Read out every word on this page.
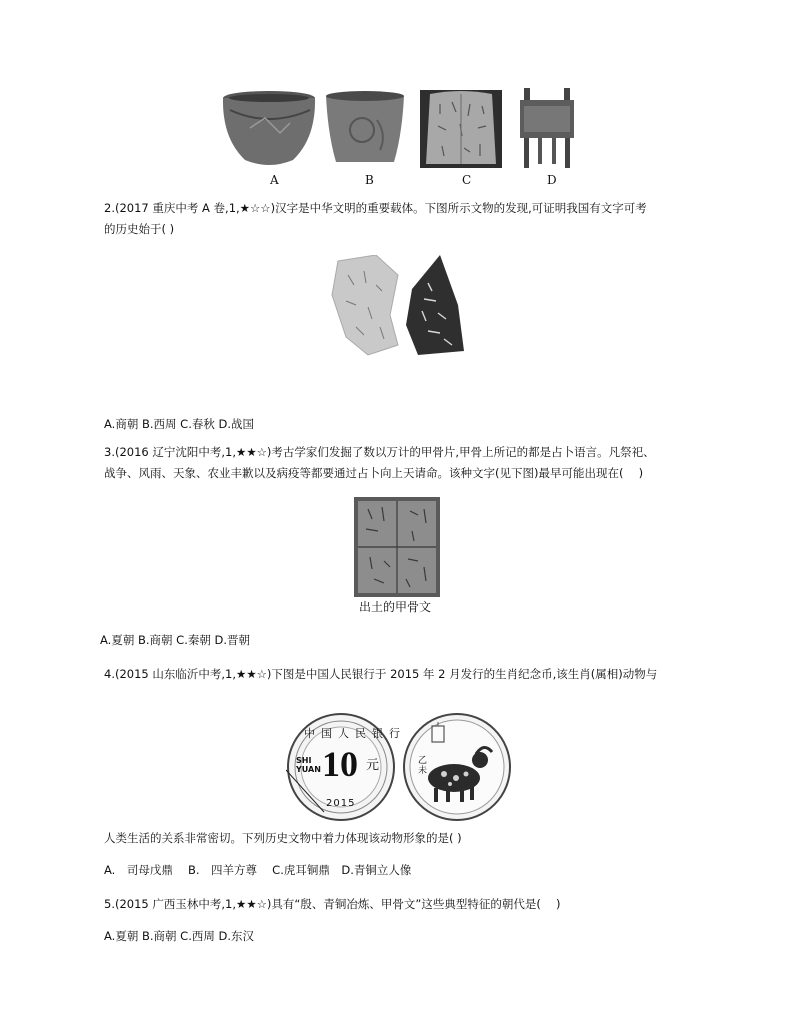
A	B	C	D
2.(2017 重庆中考 A 卷,1,★☆☆)汉字是中华文明的重要载体。下图所示文物的发现,可证明我国有文字可考
的历史始于( )
A.商朝 B.西周 C.春秋 D.战国
3.(2016 辽宁沈阳中考,1,★★☆)考古学家们发掘了数以万计的甲骨片,甲骨上所记的都是占卜语言。凡祭祀、
战争、风雨、天象、农业丰歉以及病疫等都要通过占卜向上天请命。该种文字(见下图)最早可能出现在(　 )
出土的甲骨文
A.夏朝 B.商朝 C.秦朝 D.晋朝
4.(2015 山东临沂中考,1,★★☆)下图是中国人民银行于 2015 年 2 月发行的生肖纪念币,该生肖(属相)动物与
中国人民银行
SHI
YUAN 10 元
2015
乙未
人类生活的关系非常密切。下列历史文物中着力体现该动物形象的是( )
A.　司母戊鼎　 B.　四羊方尊　 C.虎耳铜鼎　D.青铜立人像
5.(2015 广西玉林中考,1,★★☆)具有“殷、青铜冶炼、甲骨文”这些典型特征的朝代是(　 )
A.夏朝 B.商朝 C.西周 D.东汉
